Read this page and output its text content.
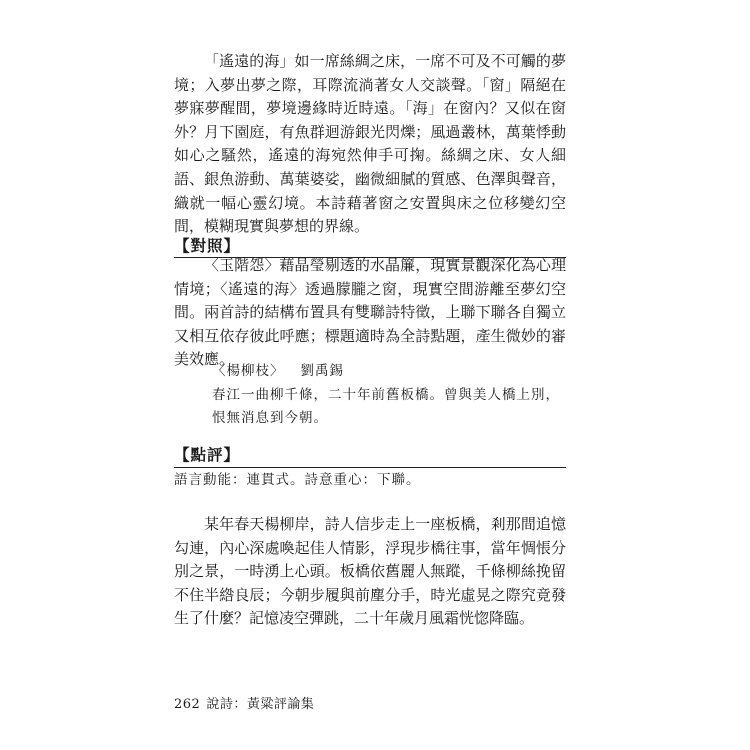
「遙遠的海」如一席絲綢之床，一席不可及不可觸的夢境；入夢出夢之際，耳際流淌著女人交談聲。「窗」隔絕在夢寐夢醒間，夢境邊緣時近時遠。「海」在窗內？又似在窗外？月下園庭，有魚群迴游銀光閃爍；風過叢林，萬葉悸動如心之騷然，遙遠的海宛然伸手可掬。絲綢之床、女人細語、銀魚游動、萬葉婆娑，幽微細膩的質感、色澤與聲音，織就一幅心靈幻境。本詩藉著窗之安置與床之位移變幻空間，模糊現實與夢想的界線。

【對照】

〈玉階怨〉藉晶瑩剔透的水晶簾，現實景觀深化為心理情境；〈遙遠的海〉透過朦朧之窗，現實空間游離至夢幻空間。兩首詩的結構布置具有雙聯詩特徵，上聯下聯各自獨立又相互依存彼此呼應；標題適時為全詩點題，產生微妙的審美效應。

〈楊柳枝〉 劉禹錫

春江一曲柳千條，二十年前舊板橋。曾與美人橋上別，恨無消息到今朝。

【點評】

語言動能：連貫式。詩意重心：下聯。

某年春天楊柳岸，詩人信步走上一座板橋，剎那間追憶勾連，內心深處喚起佳人情影，浮現步橋往事，當年惆悵分別之景，一時湧上心頭。板橋依舊麗人無蹤，千條柳絲挽留不住半綹良辰；今朝步履與前塵分手，時光虛晃之際究竟發生了什麼？記憶凌空彈跳，二十年歲月風霜恍惚降臨。

262 說詩：黃粱評論集
